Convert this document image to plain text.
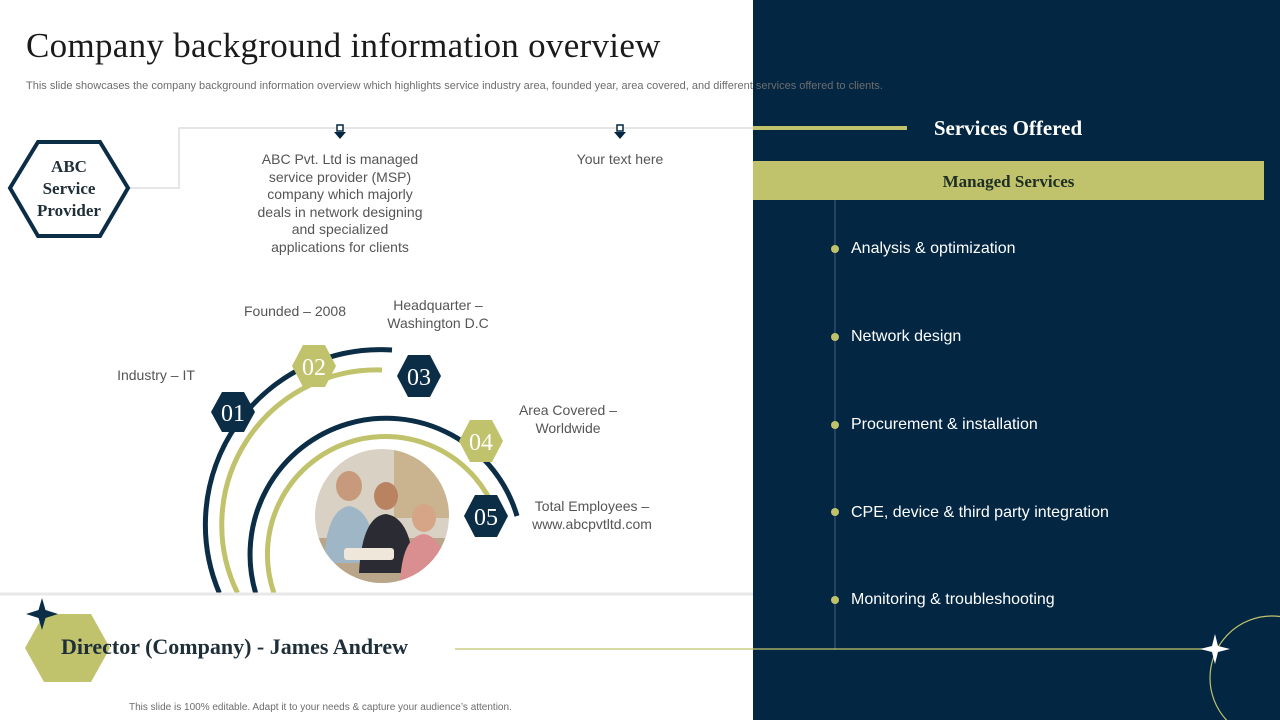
01
02	03
04
05
Company background information overview
This slide showcases the company background information overview which highlights service industry area, founded year, area covered, and different services offered to clients.
ABC
Service
Provider
ABC Pvt. Ltd is managed
service provider (MSP)
company which majorly
deals in network designing
and specialized
applications for clients
Your text here
Industry – IT
Founded – 2008	Headquarter –
Washington D.C
Area Covered –
Worldwide
Total Employees –
www.abcpvtltd.com
Services Offered
Managed Services
Analysis & optimization
Network design
Procurement & installation
CPE, device & third party integration
Monitoring & troubleshooting
Director (Company) - James Andrew
This slide is 100% editable. Adapt it to your needs & capture your audience’s attention.
